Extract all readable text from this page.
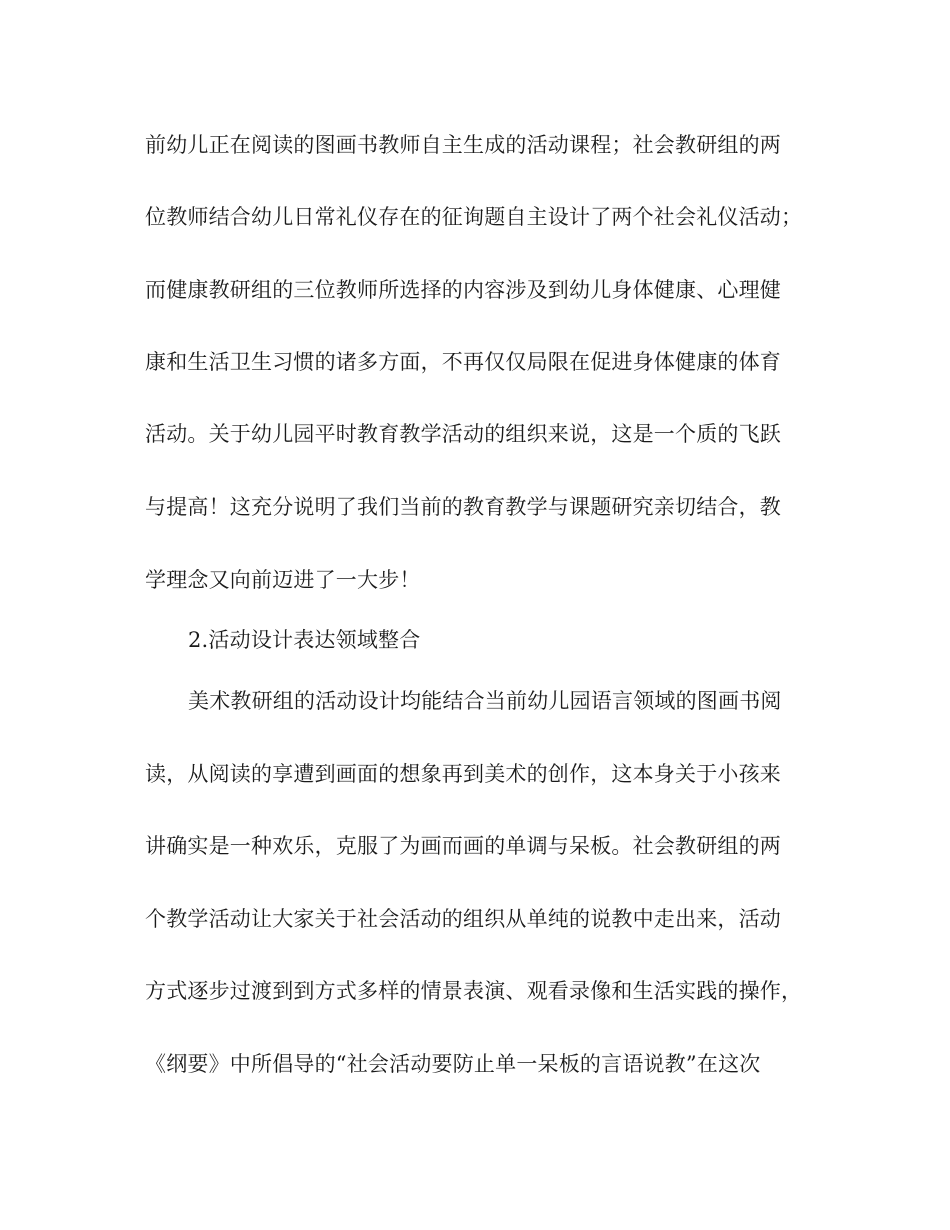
前幼儿正在阅读的图画书教师自主生成的活动课程；社会教研组的两
位教师结合幼儿日常礼仪存在的征询题自主设计了两个社会礼仪活动；
而健康教研组的三位教师所选择的内容涉及到幼儿身体健康、心理健
康和生活卫生习惯的诸多方面，不再仅仅局限在促进身体健康的体育
活动。关于幼儿园平时教育教学活动的组织来说，这是一个质的飞跃
与提高！这充分说明了我们当前的教育教学与课题研究亲切结合，教
学理念又向前迈进了一大步！
2.活动设计表达领域整合
美术教研组的活动设计均能结合当前幼儿园语言领域的图画书阅
读，从阅读的享遭到画面的想象再到美术的创作，这本身关于小孩来
讲确实是一种欢乐，克服了为画而画的单调与呆板。社会教研组的两
个教学活动让大家关于社会活动的组织从单纯的说教中走出来，活动
方式逐步过渡到到方式多样的情景表演、观看录像和生活实践的操作，
《纲要》中所倡导的“社会活动要防止单一呆板的言语说教”在这次
